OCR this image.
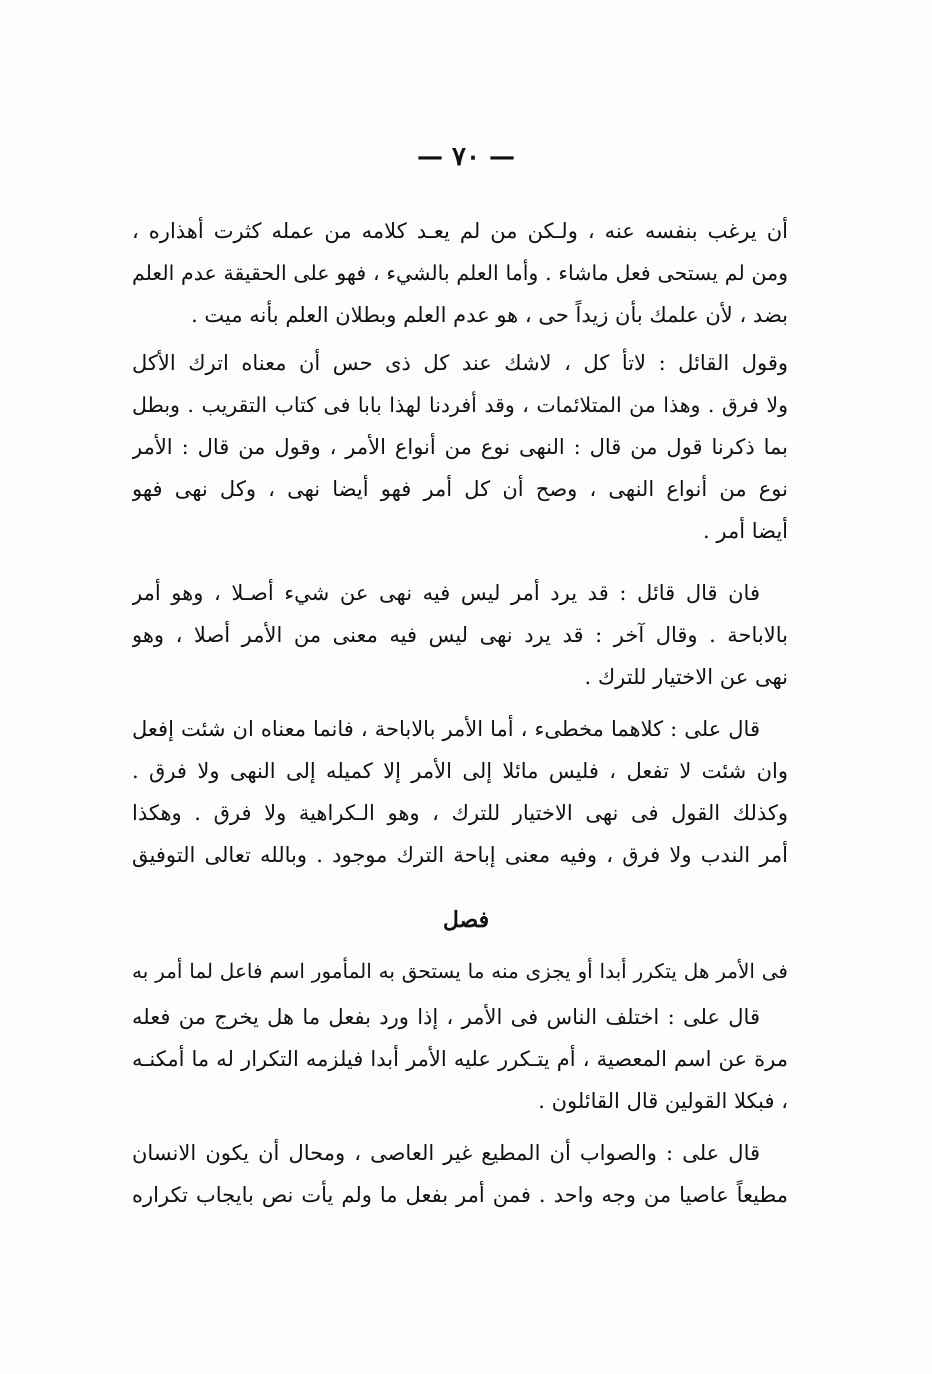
— ٧٠ —
أن يرغب بنفسه عنه ، ولـكن من لم يعـد كلامه من عمله كثرت أهذاره ،
ومن لم يستحى فعل ماشاء . وأما العلم بالشيء ، فهو على الحقيقة عدم العلم
بضد ، لأن علمك بأن زيداً حى ، هو عدم العلم وبطلان العلم بأنه ميت .
وقول القائل : لاتأ كل ، لاشك عند كل ذى حس أن معناه اترك الأكل
ولا فرق . وهذا من المتلائمات ، وقد أفردنا لهذا بابا فى كتاب التقريب . وبطل
بما ذكرنا قول من قال : النهى نوع من أنواع الأمر ، وقول من قال : الأمر
نوع من أنواع النهى ، وصح أن كل أمر فهو أيضا نهى ، وكل نهى فهو
أيضا أمر .
فان قال قائل : قد يرد أمر ليس فيه نهى عن شيء أصـلا ، وهو أمر
بالاباحة . وقال آخر : قد يرد نهى ليس فيه معنى من الأمر أصلا ، وهو
نهى عن الاختيار للترك .
قال على : كلاهما مخطىء ، أما الأمر بالاباحة ، فانما معناه ان شئت إفعل
وان شئت لا تفعل ، فليس مائلا إلى الأمر إلا كميله إلى النهى ولا فرق .
وكذلك القول فى نهى الاختيار للترك ، وهو الـكراهية ولا فرق . وهكذا
أمر الندب ولا فرق ، وفيه معنى إباحة الترك موجود . وبالله تعالى التوفيق
فصل
فى الأمر هل يتكرر أبدا أو يجزى منه ما يستحق به المأمور اسم فاعل لما أمر به
قال على : اختلف الناس فى الأمر ، إذا ورد بفعل ما هل يخرج من فعله
مرة عن اسم المعصية ، أم يتـكرر عليه الأمر أبدا فيلزمه التكرار له ما أمكنـه
، فبكلا القولين قال القائلون .
قال على : والصواب أن المطيع غير العاصى ، ومحال أن يكون الانسان
مطيعاً عاصيا من وجه واحد . فمن أمر بفعل ما ولم يأت نص بايجاب تكراره
